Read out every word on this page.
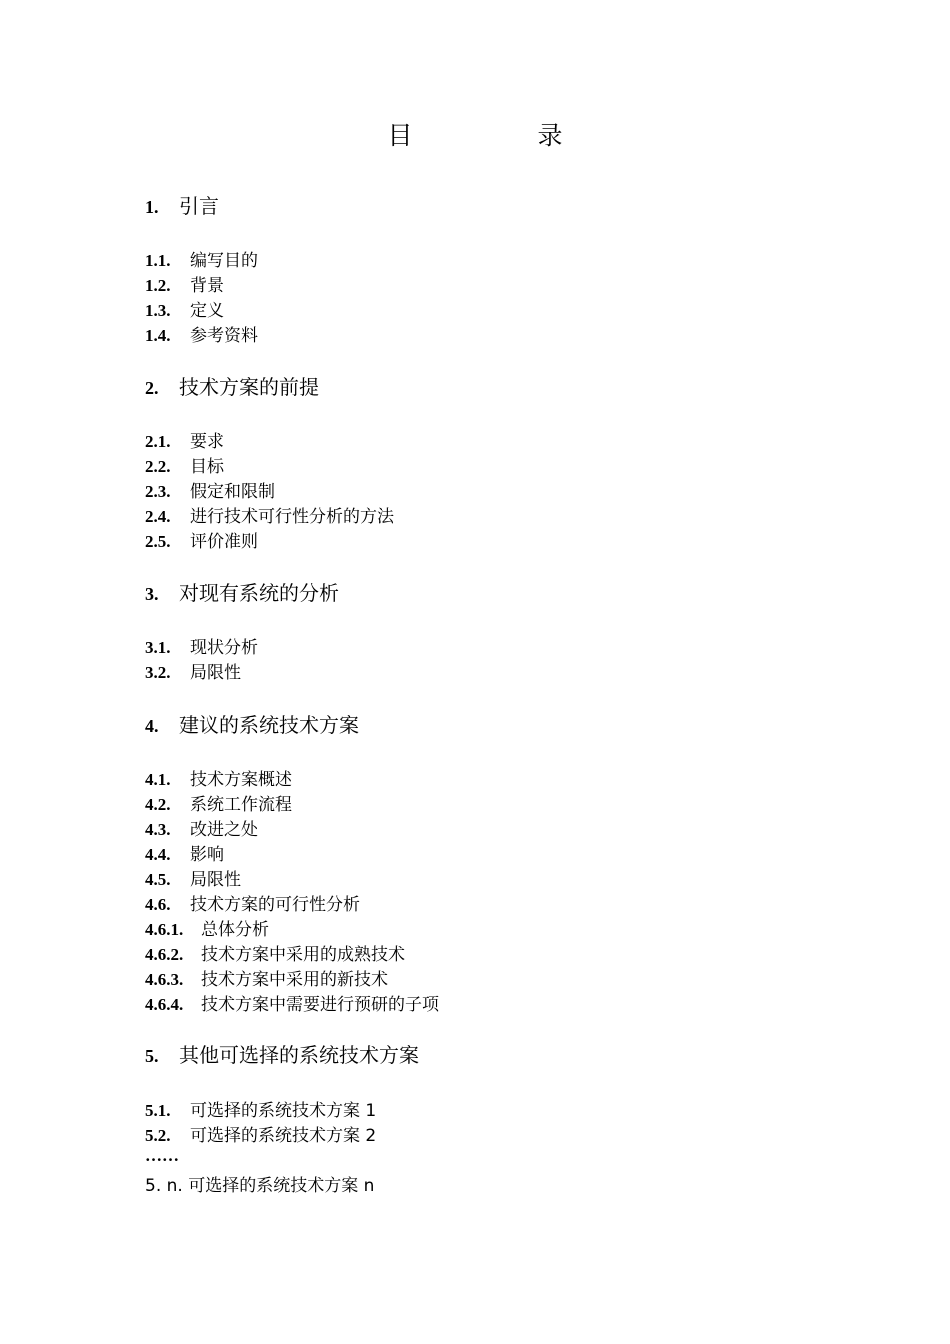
目　录
1.	引言
1.1.	编写目的
1.2.	背景
1.3.	定义
1.4.	参考资料
2.	技术方案的前提
2.1.	要求
2.2.	目标
2.3.	假定和限制
2.4.	进行技术可行性分析的方法
2.5.	评价准则
3.	对现有系统的分析
3.1.	现状分析
3.2.	局限性
4.	建议的系统技术方案
4.1.	技术方案概述
4.2.	系统工作流程
4.3.	改进之处
4.4.	影响
4.5.	局限性
4.6.	技术方案的可行性分析
4.6.1.	总体分析
4.6.2.	技术方案中采用的成熟技术
4.6.3.	技术方案中采用的新技术
4.6.4.	技术方案中需要进行预研的子项
5.	其他可选择的系统技术方案
5.1.	可选择的系统技术方案 1
5.2.	可选择的系统技术方案 2
……
5. n. 可选择的系统技术方案 n
